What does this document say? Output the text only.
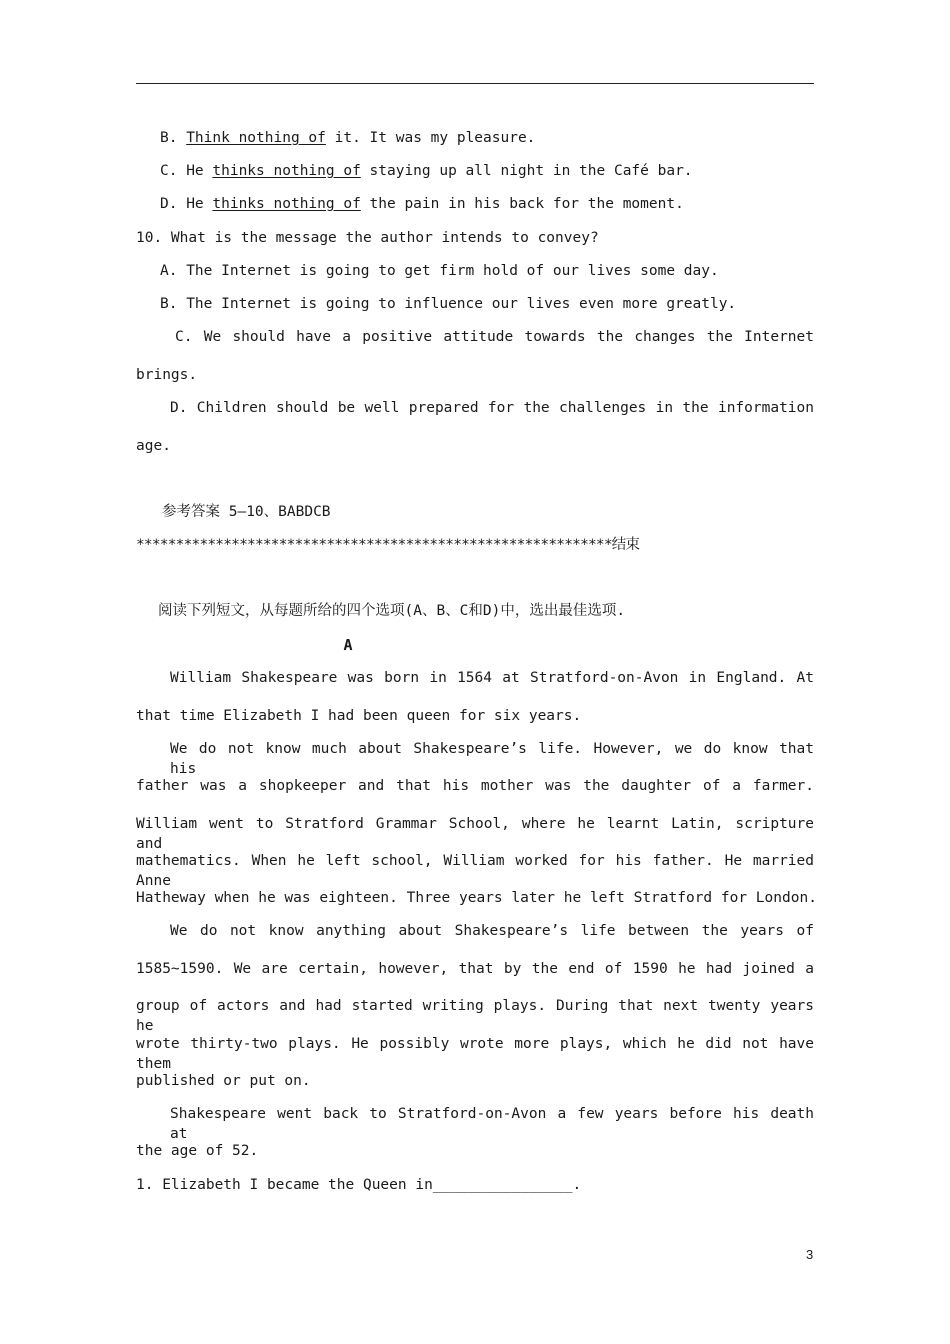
B. Think nothing of it. It was my pleasure.
C. He thinks nothing of staying up all night in the Café bar.
D. He thinks nothing of the pain in his back for the moment.
10. What is the message the author intends to convey?
A. The Internet is going to get firm hold of our lives some day.
B. The Internet is going to influence our lives even more greatly.
C. We should have a positive attitude towards the changes the Internet
brings.
D. Children should be well prepared for the challenges in the information
age.
参考答案 5—10、BABDCB
************************************************************结束
阅读下列短文，从每题所给的四个选项(A、B、C和D)中，选出最佳选项.
A
William Shakespeare was born in 1564 at Stratford-on-Avon in England. At
that time Elizabeth I had been queen for six years.
We do not know much about Shakespeare’s life. However, we do know that his
father was a shopkeeper and that his mother was the daughter of a farmer.
William went to Stratford Grammar School, where he learnt Latin, scripture and
mathematics. When he left school, William worked for his father. He married Anne
Hatheway when he was eighteen. Three years later he left Stratford for London.
We do not know anything about Shakespeare’s life between the years of
1585~1590. We are certain, however, that by the end of 1590 he had joined a
group of actors and had started writing plays. During that next twenty years he
wrote thirty-two plays. He possibly wrote more plays, which he did not have them
published or put on.
Shakespeare went back to Stratford-on-Avon a few years before his death at
the age of 52.
1. Elizabeth I became the Queen in________________.
3
